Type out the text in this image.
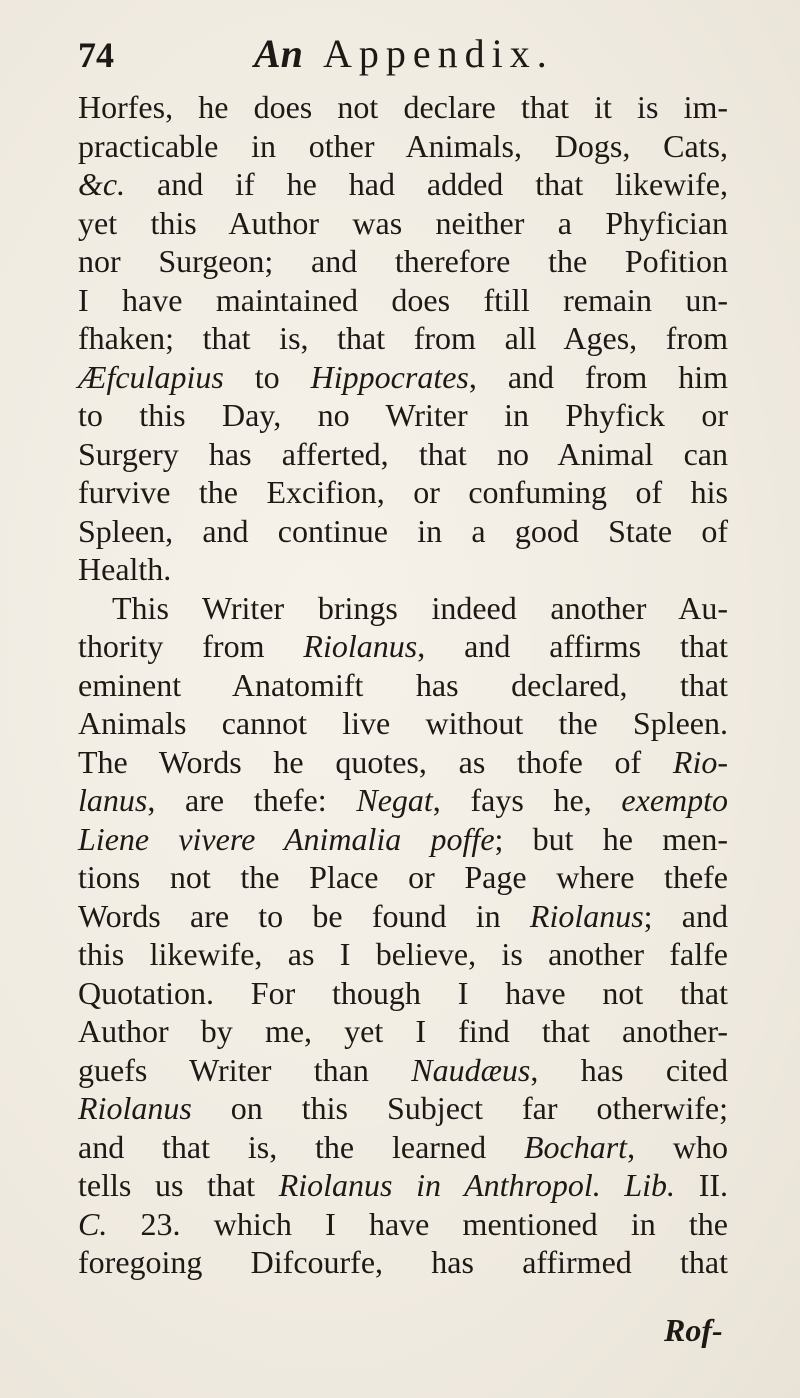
74	An Appendix.
Horfes, he does not declare that it is im-
practicable in other Animals, Dogs, Cats,
&c. and if he had added that likewife,
yet this Author was neither a Phyfician
nor Surgeon; and therefore the Pofition
I have maintained does ftill remain un-
fhaken; that is, that from all Ages, from
Æfculapius to Hippocrates, and from him
to this Day, no Writer in Phyfick or
Surgery has afferted, that no Animal can
furvive the Excifion, or confuming of his
Spleen, and continue in a good State of
Health.
This Writer brings indeed another Au-
thority from Riolanus, and affirms that
eminent Anatomift has declared, that
Animals cannot live without the Spleen.
The Words he quotes, as thofe of Rio-
lanus, are thefe: Negat, fays he, exempto
Liene vivere Animalia poffe; but he men-
tions not the Place or Page where thefe
Words are to be found in Riolanus; and
this likewife, as I believe, is another falfe
Quotation. For though I have not that
Author by me, yet I find that another-
guefs Writer than Naudæus, has cited
Riolanus on this Subject far otherwife;
and that is, the learned Bochart, who
tells us that Riolanus in Anthropol. Lib. II.
C. 23. which I have mentioned in the
foregoing Difcourfe, has affirmed that
Rof-
